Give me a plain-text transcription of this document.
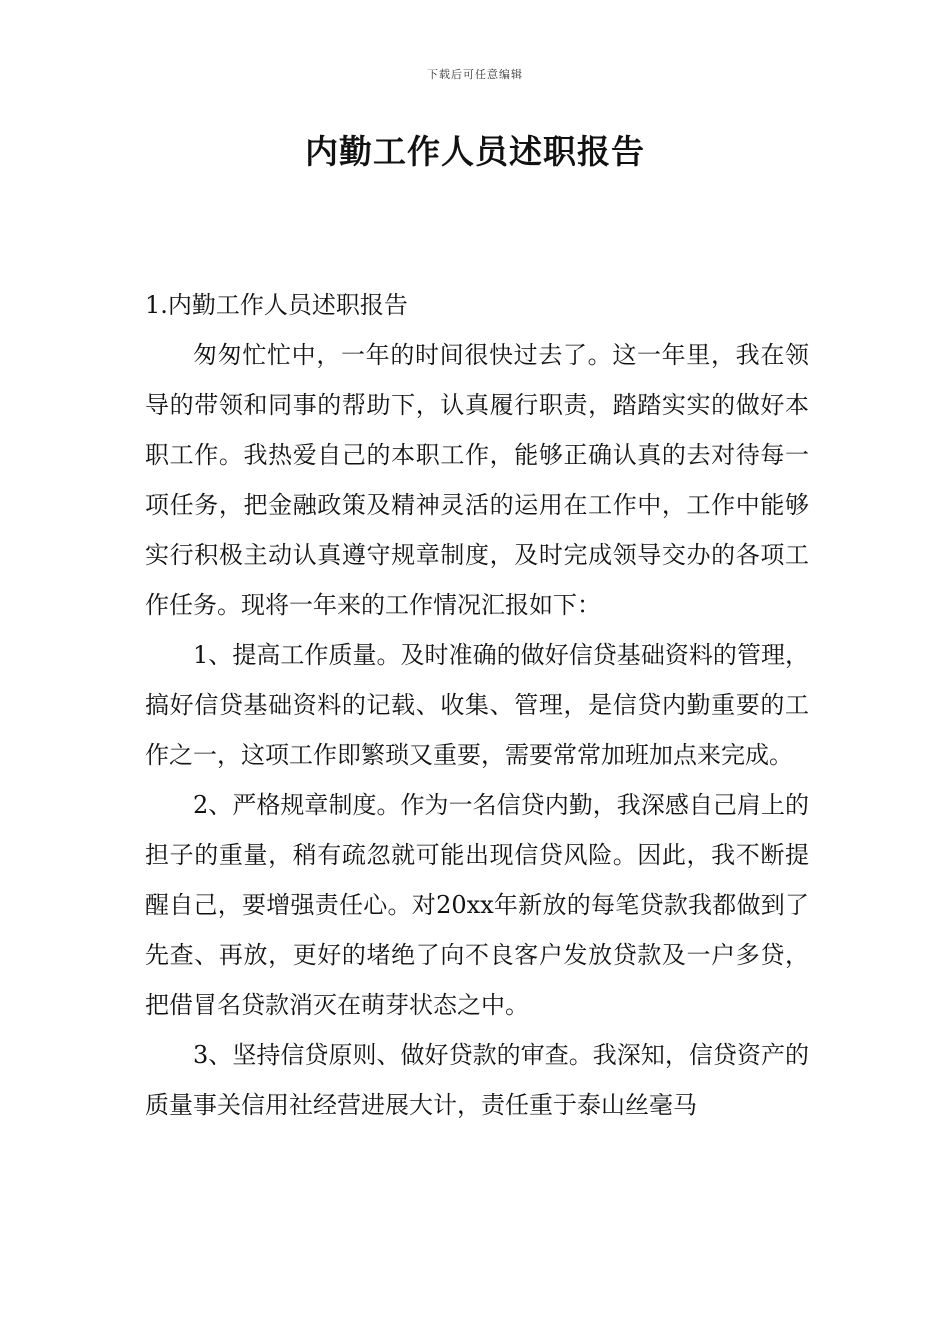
下载后可任意编辑
内勤工作人员述职报告

1.内勤工作人员述职报告

匆匆忙忙中，一年的时间很快过去了。这一年里，我在领导的带领和同事的帮助下，认真履行职责，踏踏实实的做好本职工作。我热爱自己的本职工作，能够正确认真的去对待每一项任务，把金融政策及精神灵活的运用在工作中，工作中能够实行积极主动认真遵守规章制度，及时完成领导交办的各项工作任务。现将一年来的工作情况汇报如下：

1、提高工作质量。及时准确的做好信贷基础资料的管理，搞好信贷基础资料的记载、收集、管理，是信贷内勤重要的工作之一，这项工作即繁琐又重要，需要常常加班加点来完成。

2、严格规章制度。作为一名信贷内勤，我深感自己肩上的担子的重量，稍有疏忽就可能出现信贷风险。因此，我不断提醒自己，要增强责任心。对20xx年新放的每笔贷款我都做到了先查、再放，更好的堵绝了向不良客户发放贷款及一户多贷，把借冒名贷款消灭在萌芽状态之中。

3、坚持信贷原则、做好贷款的审查。我深知，信贷资产的质量事关信用社经营进展大计，责任重于泰山丝毫马
